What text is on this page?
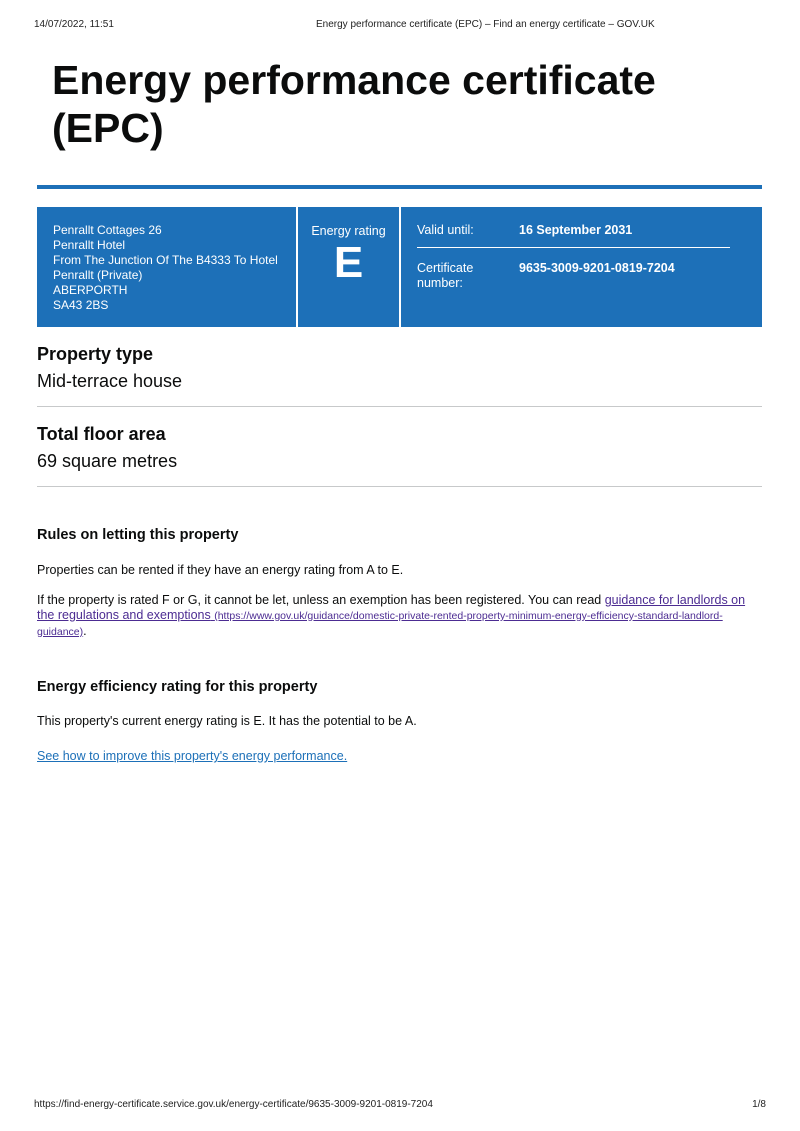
14/07/2022, 11:51	Energy performance certificate (EPC) – Find an energy certificate – GOV.UK
Energy performance certificate (EPC)
Penrallt Cottages 26
Penrallt Hotel
From The Junction Of The B4333 To Hotel
Penrallt (Private)
ABERPORTH
SA43 2BS
Energy rating
E
Valid until:	16 September 2031
Certificate number:
9635-3009-9201-0819-7204
Property type

Mid-terrace house

Total floor area

69 square metres

Rules on letting this property

Properties can be rented if they have an energy rating from A to E.

If the property is rated F or G, it cannot be let, unless an exemption has been registered. You can read guidance for landlords on the regulations and exemptions (https://www.gov.uk/guidance/domestic-private-rented-property-minimum-energy-efficiency-standard-landlord-guidance).

Energy efficiency rating for this property

This property's current energy rating is E. It has the potential to be A.

See how to improve this property's energy performance.

https://find-energy-certificate.service.gov.uk/energy-certificate/9635-3009-9201-0819-7204	1/8
